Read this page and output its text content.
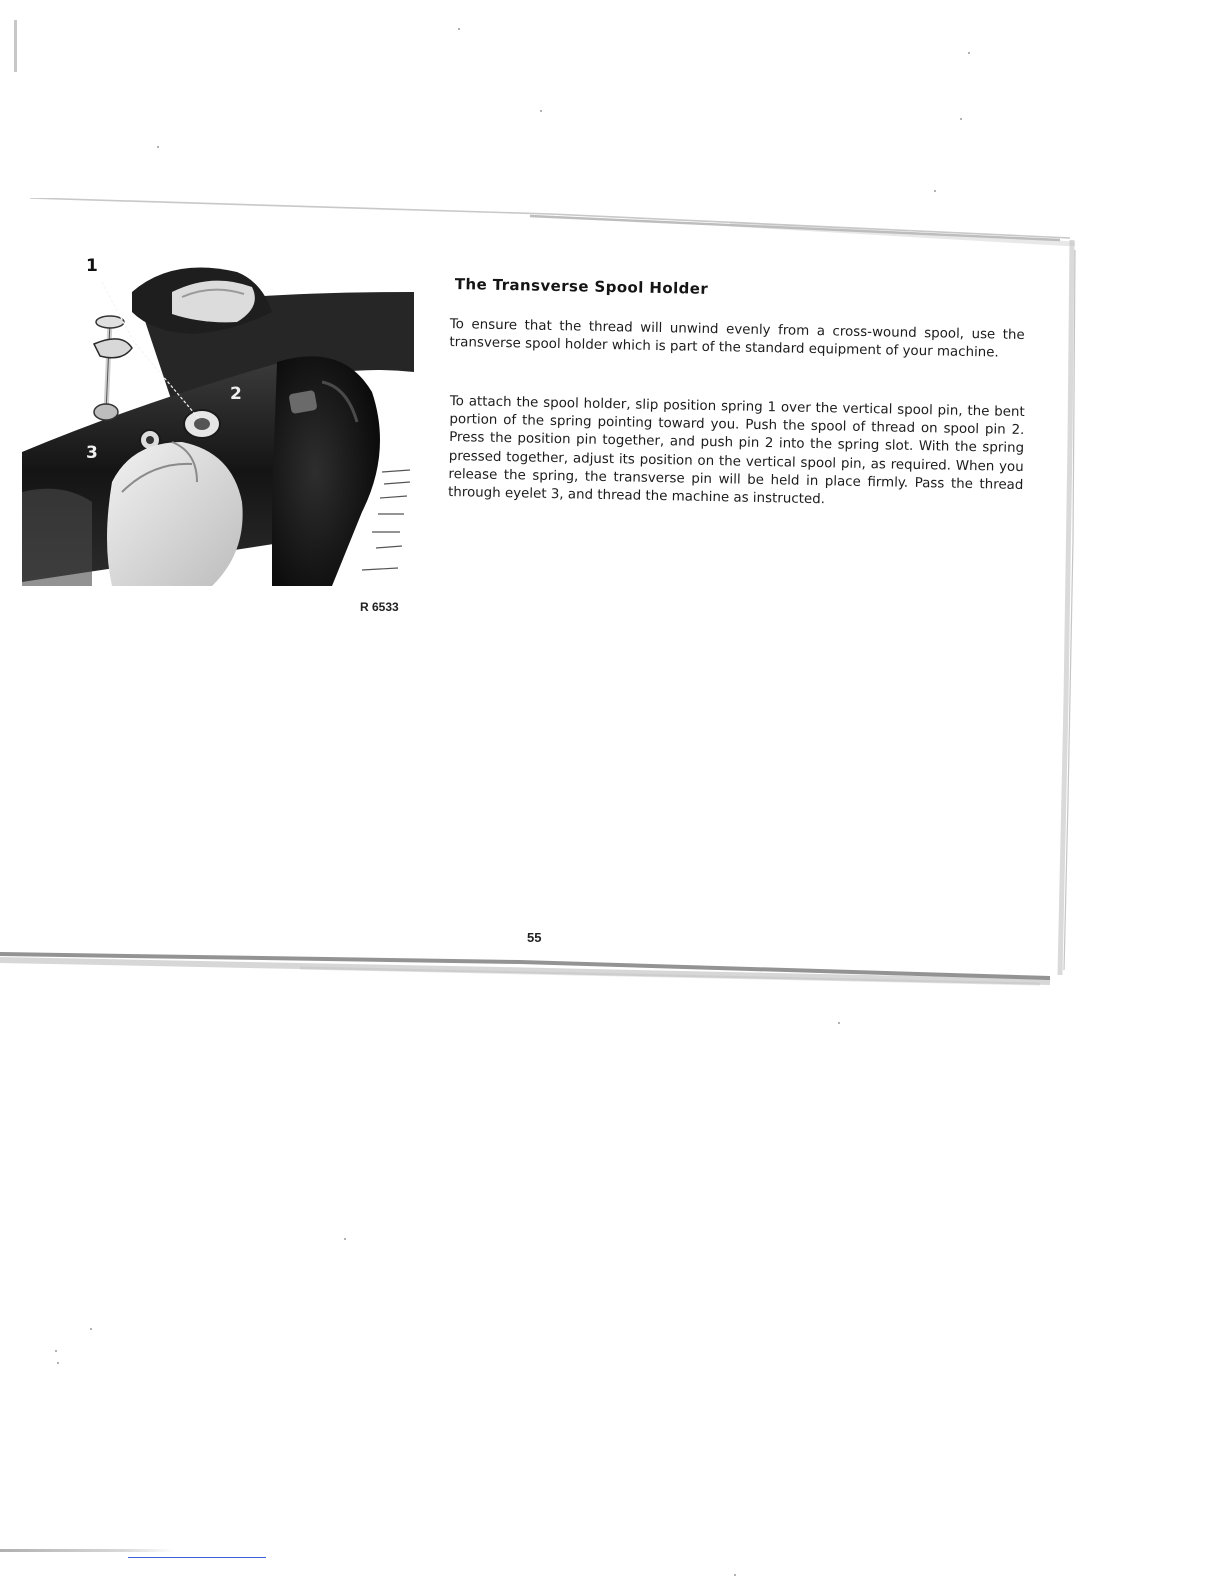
1
2
3
R 6533
The Transverse Spool Holder

To ensure that the thread will unwind evenly from a cross-wound spool, use the transverse spool holder which is part of the standard equipment of your machine.

To attach the spool holder, slip position spring 1 over the vertical spool pin, the bent portion of the spring pointing toward you. Push the spool of thread on spool pin 2. Press the position pin together, and push pin 2 into the spring slot. With the spring pressed together, adjust its position on the vertical spool pin, as required. When you release the spring, the transverse pin will be held in place firmly. Pass the thread through eyelet 3, and thread the machine as instructed.

55
